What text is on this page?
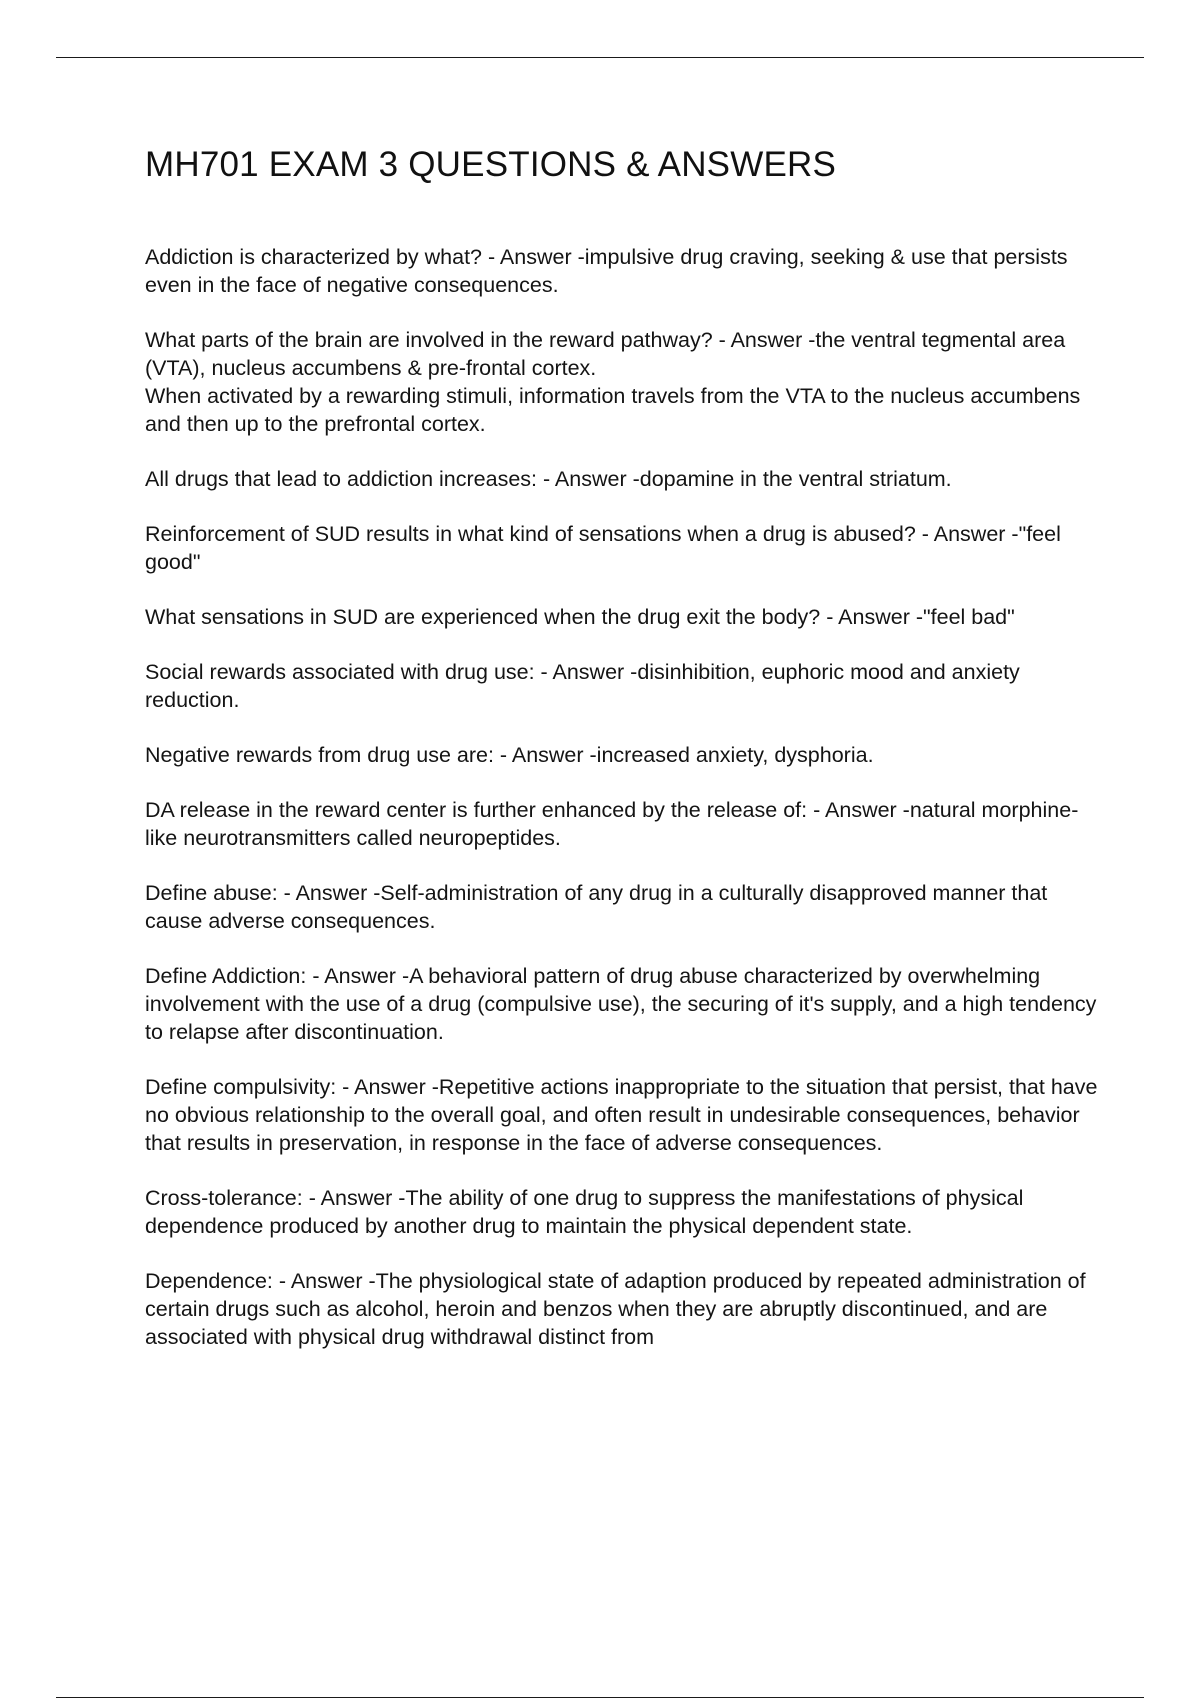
MH701 EXAM 3 QUESTIONS & ANSWERS

Addiction is characterized by what? - Answer -impulsive drug craving, seeking & use that persists even in the face of negative consequences.

What parts of the brain are involved in the reward pathway? - Answer -the ventral tegmental area (VTA), nucleus accumbens & pre-frontal cortex.

When activated by a rewarding stimuli, information travels from the VTA to the nucleus accumbens and then up to the prefrontal cortex.

All drugs that lead to addiction increases: - Answer -dopamine in the ventral striatum.

Reinforcement of SUD results in what kind of sensations when a drug is abused? - Answer -"feel good"

What sensations in SUD are experienced when the drug exit the body? - Answer -"feel bad"

Social rewards associated with drug use: - Answer -disinhibition, euphoric mood and anxiety reduction.

Negative rewards from drug use are: - Answer -increased anxiety, dysphoria.

DA release in the reward center is further enhanced by the release of: - Answer -natural morphine-like neurotransmitters called neuropeptides.

Define abuse: - Answer -Self-administration of any drug in a culturally disapproved manner that cause adverse consequences.

Define Addiction: - Answer -A behavioral pattern of drug abuse characterized by overwhelming involvement with the use of a drug (compulsive use), the securing of it's supply, and a high tendency to relapse after discontinuation.

Define compulsivity: - Answer -Repetitive actions inappropriate to the situation that persist, that have no obvious relationship to the overall goal, and often result in undesirable consequences, behavior that results in preservation, in response in the face of adverse consequences.

Cross-tolerance: - Answer -The ability of one drug to suppress the manifestations of physical dependence produced by another drug to maintain the physical dependent state.

Dependence: - Answer -The physiological state of adaption produced by repeated administration of certain drugs such as alcohol, heroin and benzos when they are abruptly discontinued, and are associated with physical drug withdrawal distinct from
